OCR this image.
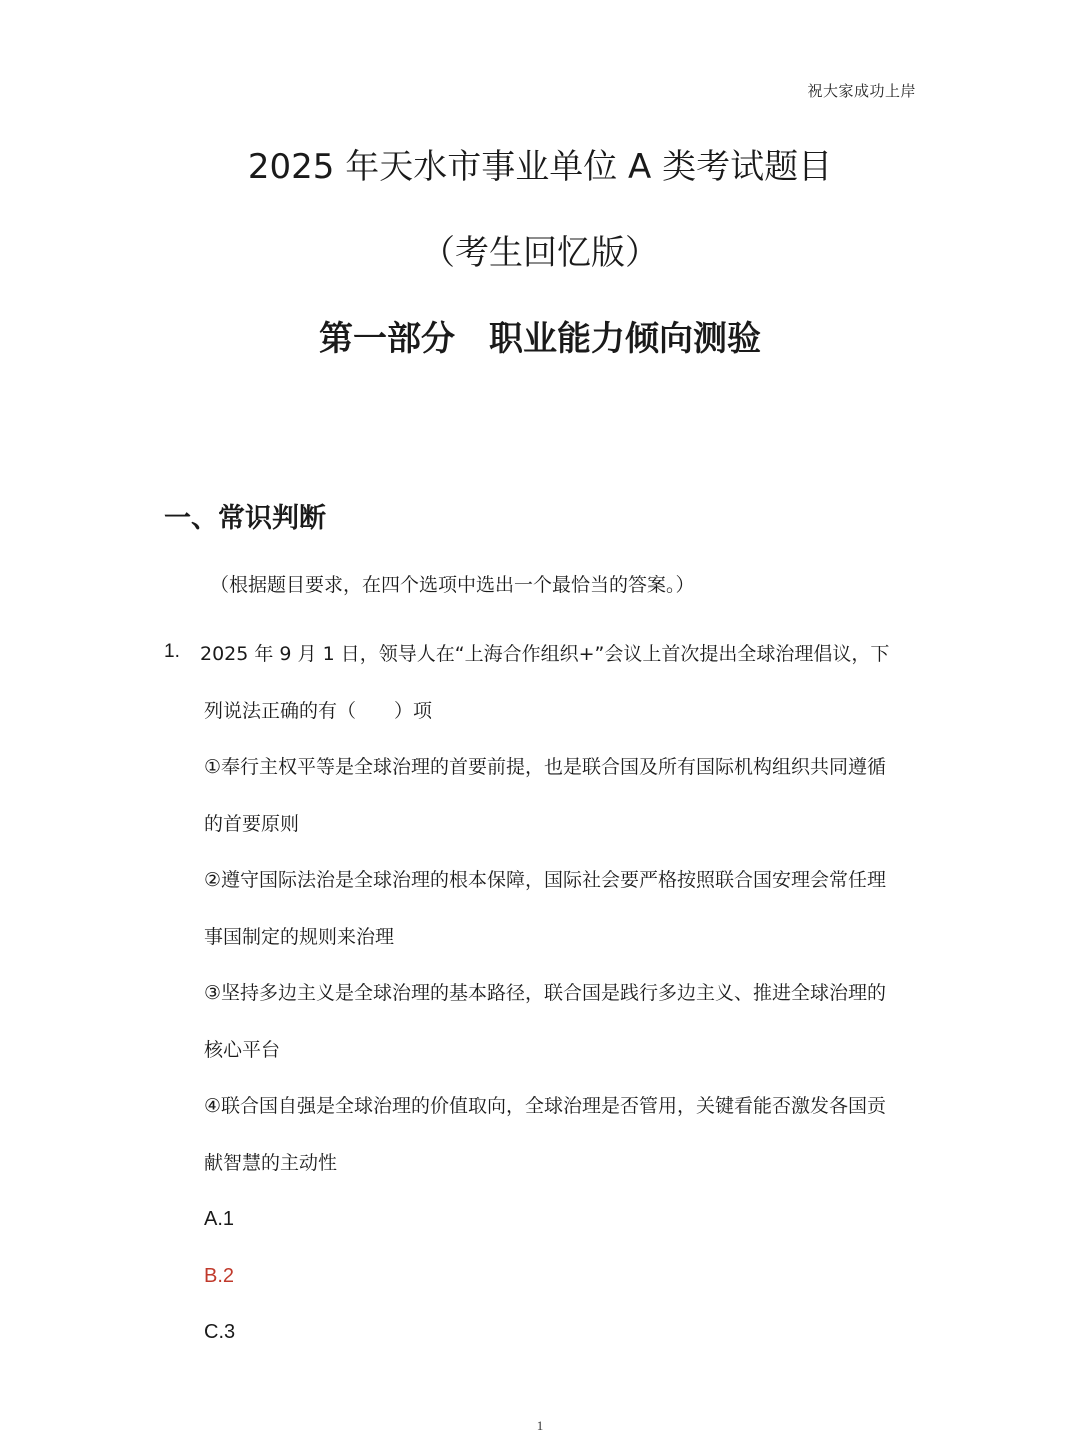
祝大家成功上岸
2025 年天水市事业单位 A 类考试题目
（考生回忆版）
第一部分　职业能力倾向测验
一、常识判断
（根据题目要求，在四个选项中选出一个最恰当的答案。）
1. 2025 年 9 月 1 日，领导人在“上海合作组织+”会议上首次提出全球治理倡议，下
列说法正确的有（　　）项
①奉行主权平等是全球治理的首要前提，也是联合国及所有国际机构组织共同遵循
的首要原则
②遵守国际法治是全球治理的根本保障，国际社会要严格按照联合国安理会常任理
事国制定的规则来治理
③坚持多边主义是全球治理的基本路径，联合国是践行多边主义、推进全球治理的
核心平台
④联合国自强是全球治理的价值取向，全球治理是否管用，关键看能否激发各国贡
献智慧的主动性
A.1
B.2
C.3
1
